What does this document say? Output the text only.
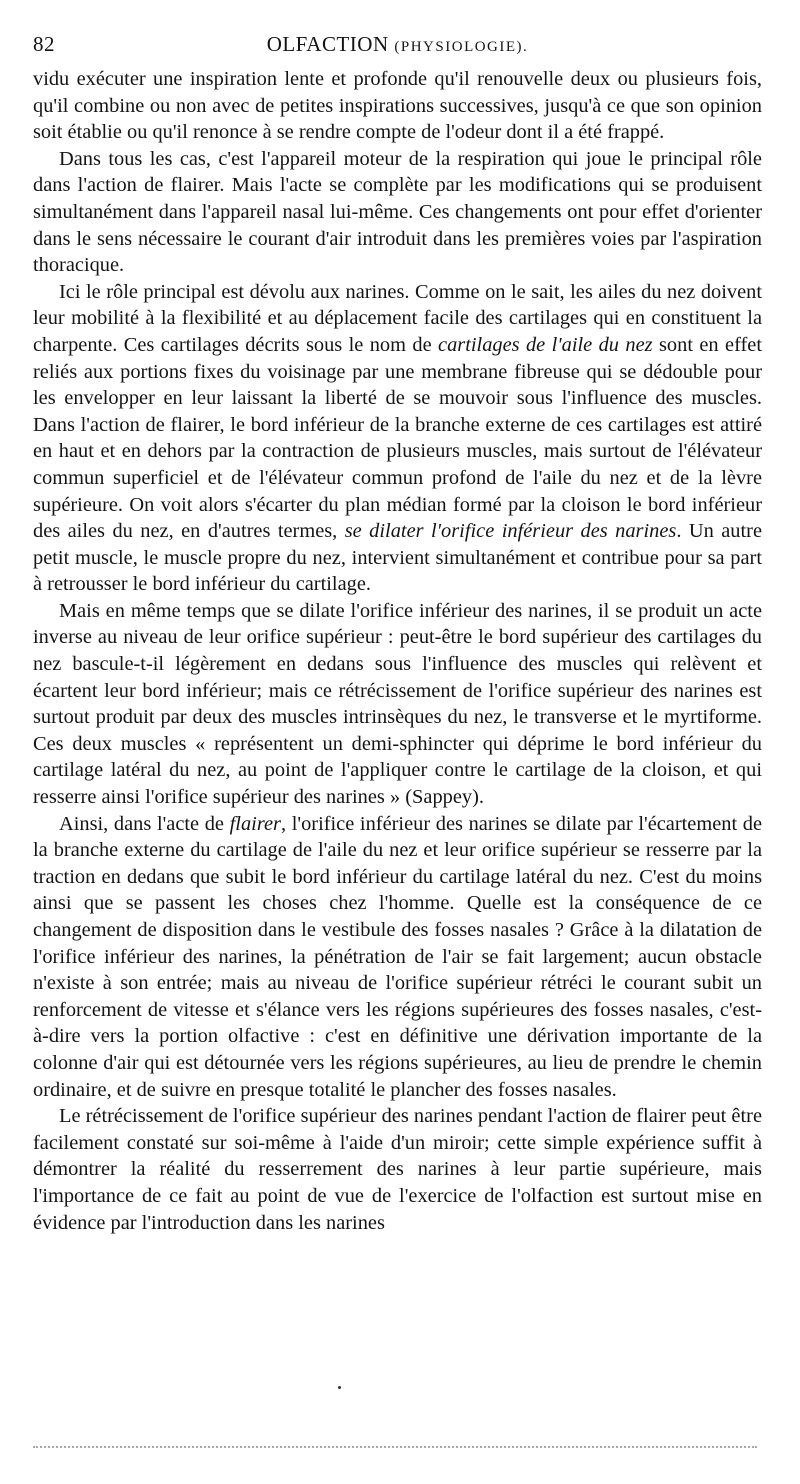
82	OLFACTION (PHYSIOLOGIE).

vidu exécuter une inspiration lente et profonde qu'il renouvelle deux ou plusieurs fois, qu'il combine ou non avec de petites inspirations successives, jusqu'à ce que son opinion soit établie ou qu'il renonce à se rendre compte de l'odeur dont il a été frappé.

Dans tous les cas, c'est l'appareil moteur de la respiration qui joue le principal rôle dans l'action de flairer. Mais l'acte se complète par les modifications qui se produisent simultanément dans l'appareil nasal lui-même. Ces changements ont pour effet d'orienter dans le sens nécessaire le courant d'air introduit dans les premières voies par l'aspiration thoracique.

Ici le rôle principal est dévolu aux narines. Comme on le sait, les ailes du nez doivent leur mobilité à la flexibilité et au déplacement facile des cartilages qui en constituent la charpente. Ces cartilages décrits sous le nom de cartilages de l'aile du nez sont en effet reliés aux portions fixes du voisinage par une membrane fibreuse qui se dédouble pour les envelopper en leur laissant la liberté de se mouvoir sous l'influence des muscles. Dans l'action de flairer, le bord inférieur de la branche externe de ces cartilages est attiré en haut et en dehors par la contraction de plusieurs muscles, mais surtout de l'élévateur commun superficiel et de l'élévateur commun profond de l'aile du nez et de la lèvre supérieure. On voit alors s'écarter du plan médian formé par la cloison le bord inférieur des ailes du nez, en d'autres termes, se dilater l'orifice inférieur des narines. Un autre petit muscle, le muscle propre du nez, intervient simultanément et contribue pour sa part à retrousser le bord inférieur du cartilage.

Mais en même temps que se dilate l'orifice inférieur des narines, il se produit un acte inverse au niveau de leur orifice supérieur : peut-être le bord supérieur des cartilages du nez bascule-t-il légèrement en dedans sous l'influence des muscles qui relèvent et écartent leur bord inférieur; mais ce rétrécissement de l'orifice supérieur des narines est surtout produit par deux des muscles intrinsèques du nez, le transverse et le myrtiforme. Ces deux muscles « représentent un demi-sphincter qui déprime le bord inférieur du cartilage latéral du nez, au point de l'appliquer contre le cartilage de la cloison, et qui resserre ainsi l'orifice supérieur des narines » (Sappey).

Ainsi, dans l'acte de flairer, l'orifice inférieur des narines se dilate par l'écartement de la branche externe du cartilage de l'aile du nez et leur orifice supérieur se resserre par la traction en dedans que subit le bord inférieur du cartilage latéral du nez. C'est du moins ainsi que se passent les choses chez l'homme. Quelle est la conséquence de ce changement de disposition dans le vestibule des fosses nasales ? Grâce à la dilatation de l'orifice inférieur des narines, la pénétration de l'air se fait largement; aucun obstacle n'existe à son entrée; mais au niveau de l'orifice supérieur rétréci le courant subit un renforcement de vitesse et s'élance vers les régions supérieures des fosses nasales, c'est-à-dire vers la portion olfactive : c'est en définitive une dérivation importante de la colonne d'air qui est détournée vers les régions supérieures, au lieu de prendre le chemin ordinaire, et de suivre en presque totalité le plancher des fosses nasales.

Le rétrécissement de l'orifice supérieur des narines pendant l'action de flairer peut être facilement constaté sur soi-même à l'aide d'un miroir; cette simple expérience suffit à démontrer la réalité du resserrement des narines à leur partie supérieure, mais l'importance de ce fait au point de vue de l'exercice de l'olfaction est surtout mise en évidence par l'introduction dans les narines
